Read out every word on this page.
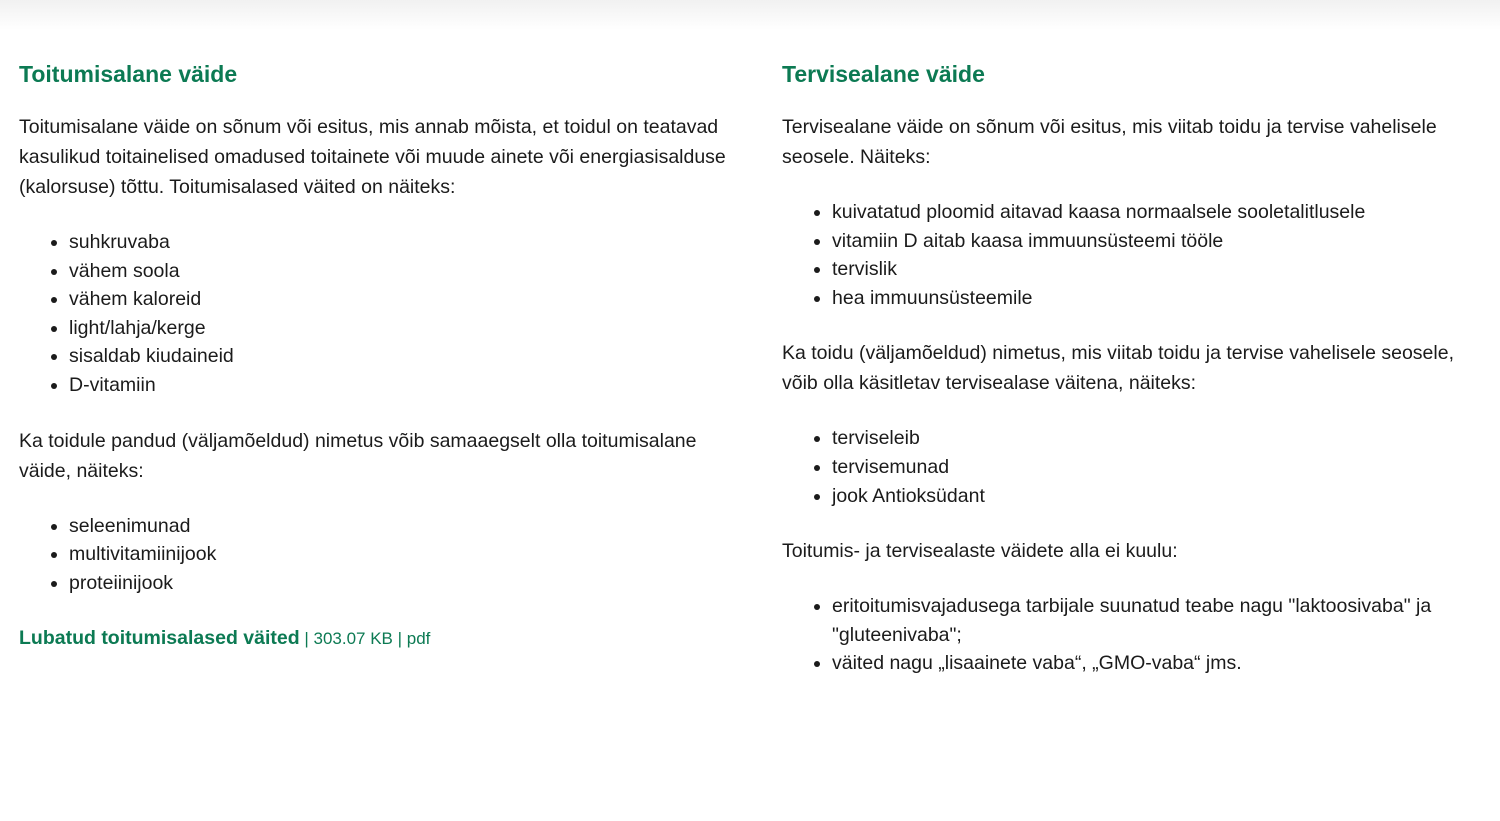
Toitumisalane väide

Toitumisalane väide on sõnum või esitus, mis annab mõista, et toidul on teatavad kasulikud toitainelised omadused toitainete või muude ainete või energiasisalduse (kalorsuse) tõttu. Toitumisalased väited on näiteks:

• suhkruvaba
• vähem soola
• vähem kaloreid
• light/lahja/kerge
• sisaldab kiudaineid
• D-vitamiin

Ka toidule pandud (väljamõeldud) nimetus võib samaaegselt olla toitumisalane väide, näiteks:

• seleenimunad
• multivitamiinijook
• proteiinijook
Lubatud toitumisalased väited | 303.07 KB | pdf
Tervisealane väide

Tervisealane väide on sõnum või esitus, mis viitab toidu ja tervise vahelisele seosele. Näiteks:

• kuivatatud ploomid aitavad kaasa normaalsele sooletalitlusele
• vitamiin D aitab kaasa immuunsüsteemi tööle
• tervislik
• hea immuunsüsteemile

Ka toidu (väljamõeldud) nimetus, mis viitab toidu ja tervise vahelisele seosele, võib olla käsitletav tervisealase väitena, näiteks:

• terviseleib
• tervisemunad
• jook Antioksüdant

Toitumis- ja tervisealaste väidete alla ei kuulu:

• eritoitumisvajadusega tarbijale suunatud teabe nagu "laktoosivaba" ja "gluteenivaba";
• väited nagu „lisaainete vaba“, „GMO-vaba“ jms.
